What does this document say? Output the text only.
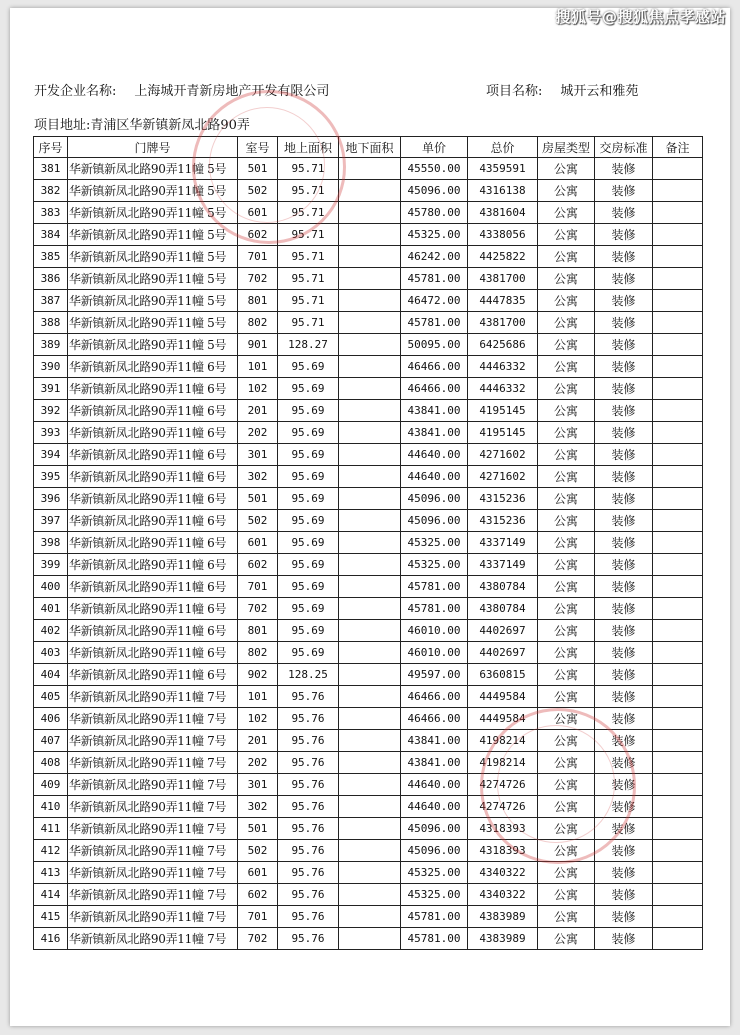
开发企业名称: 上海城开青新房地产开发有限公司	项目名称: 城开云和雅苑
项目地址:青浦区华新镇新凤北路90弄
序号	门牌号	室号	地上面积	地下面积	单价	总价	房屋类型	交房标准	备注
381	华新镇新凤北路90弄11幢 5号	501	95.71		45550.00	4359591	公寓	装修	
382	华新镇新凤北路90弄11幢 5号	502	95.71		45096.00	4316138	公寓	装修	
383	华新镇新凤北路90弄11幢 5号	601	95.71		45780.00	4381604	公寓	装修	
384	华新镇新凤北路90弄11幢 5号	602	95.71		45325.00	4338056	公寓	装修	
385	华新镇新凤北路90弄11幢 5号	701	95.71		46242.00	4425822	公寓	装修	
386	华新镇新凤北路90弄11幢 5号	702	95.71		45781.00	4381700	公寓	装修	
387	华新镇新凤北路90弄11幢 5号	801	95.71		46472.00	4447835	公寓	装修	
388	华新镇新凤北路90弄11幢 5号	802	95.71		45781.00	4381700	公寓	装修	
389	华新镇新凤北路90弄11幢 5号	901	128.27		50095.00	6425686	公寓	装修	
390	华新镇新凤北路90弄11幢 6号	101	95.69		46466.00	4446332	公寓	装修	
391	华新镇新凤北路90弄11幢 6号	102	95.69		46466.00	4446332	公寓	装修	
392	华新镇新凤北路90弄11幢 6号	201	95.69		43841.00	4195145	公寓	装修	
393	华新镇新凤北路90弄11幢 6号	202	95.69		43841.00	4195145	公寓	装修	
394	华新镇新凤北路90弄11幢 6号	301	95.69		44640.00	4271602	公寓	装修	
395	华新镇新凤北路90弄11幢 6号	302	95.69		44640.00	4271602	公寓	装修	
396	华新镇新凤北路90弄11幢 6号	501	95.69		45096.00	4315236	公寓	装修	
397	华新镇新凤北路90弄11幢 6号	502	95.69		45096.00	4315236	公寓	装修	
398	华新镇新凤北路90弄11幢 6号	601	95.69		45325.00	4337149	公寓	装修	
399	华新镇新凤北路90弄11幢 6号	602	95.69		45325.00	4337149	公寓	装修	
400	华新镇新凤北路90弄11幢 6号	701	95.69		45781.00	4380784	公寓	装修	
401	华新镇新凤北路90弄11幢 6号	702	95.69		45781.00	4380784	公寓	装修	
402	华新镇新凤北路90弄11幢 6号	801	95.69		46010.00	4402697	公寓	装修	
403	华新镇新凤北路90弄11幢 6号	802	95.69		46010.00	4402697	公寓	装修	
404	华新镇新凤北路90弄11幢 6号	902	128.25		49597.00	6360815	公寓	装修	
405	华新镇新凤北路90弄11幢 7号	101	95.76		46466.00	4449584	公寓	装修	
406	华新镇新凤北路90弄11幢 7号	102	95.76		46466.00	4449584	公寓	装修	
407	华新镇新凤北路90弄11幢 7号	201	95.76		43841.00	4198214	公寓	装修	
408	华新镇新凤北路90弄11幢 7号	202	95.76		43841.00	4198214	公寓	装修	
409	华新镇新凤北路90弄11幢 7号	301	95.76		44640.00	4274726	公寓	装修	
410	华新镇新凤北路90弄11幢 7号	302	95.76		44640.00	4274726	公寓	装修	
411	华新镇新凤北路90弄11幢 7号	501	95.76		45096.00	4318393	公寓	装修	
412	华新镇新凤北路90弄11幢 7号	502	95.76		45096.00	4318393	公寓	装修	
413	华新镇新凤北路90弄11幢 7号	601	95.76		45325.00	4340322	公寓	装修	
414	华新镇新凤北路90弄11幢 7号	602	95.76		45325.00	4340322	公寓	装修	
415	华新镇新凤北路90弄11幢 7号	701	95.76		45781.00	4383989	公寓	装修	
416	华新镇新凤北路90弄11幢 7号	702	95.76		45781.00	4383989	公寓	装修	
搜狐号@搜狐焦点孝感站
